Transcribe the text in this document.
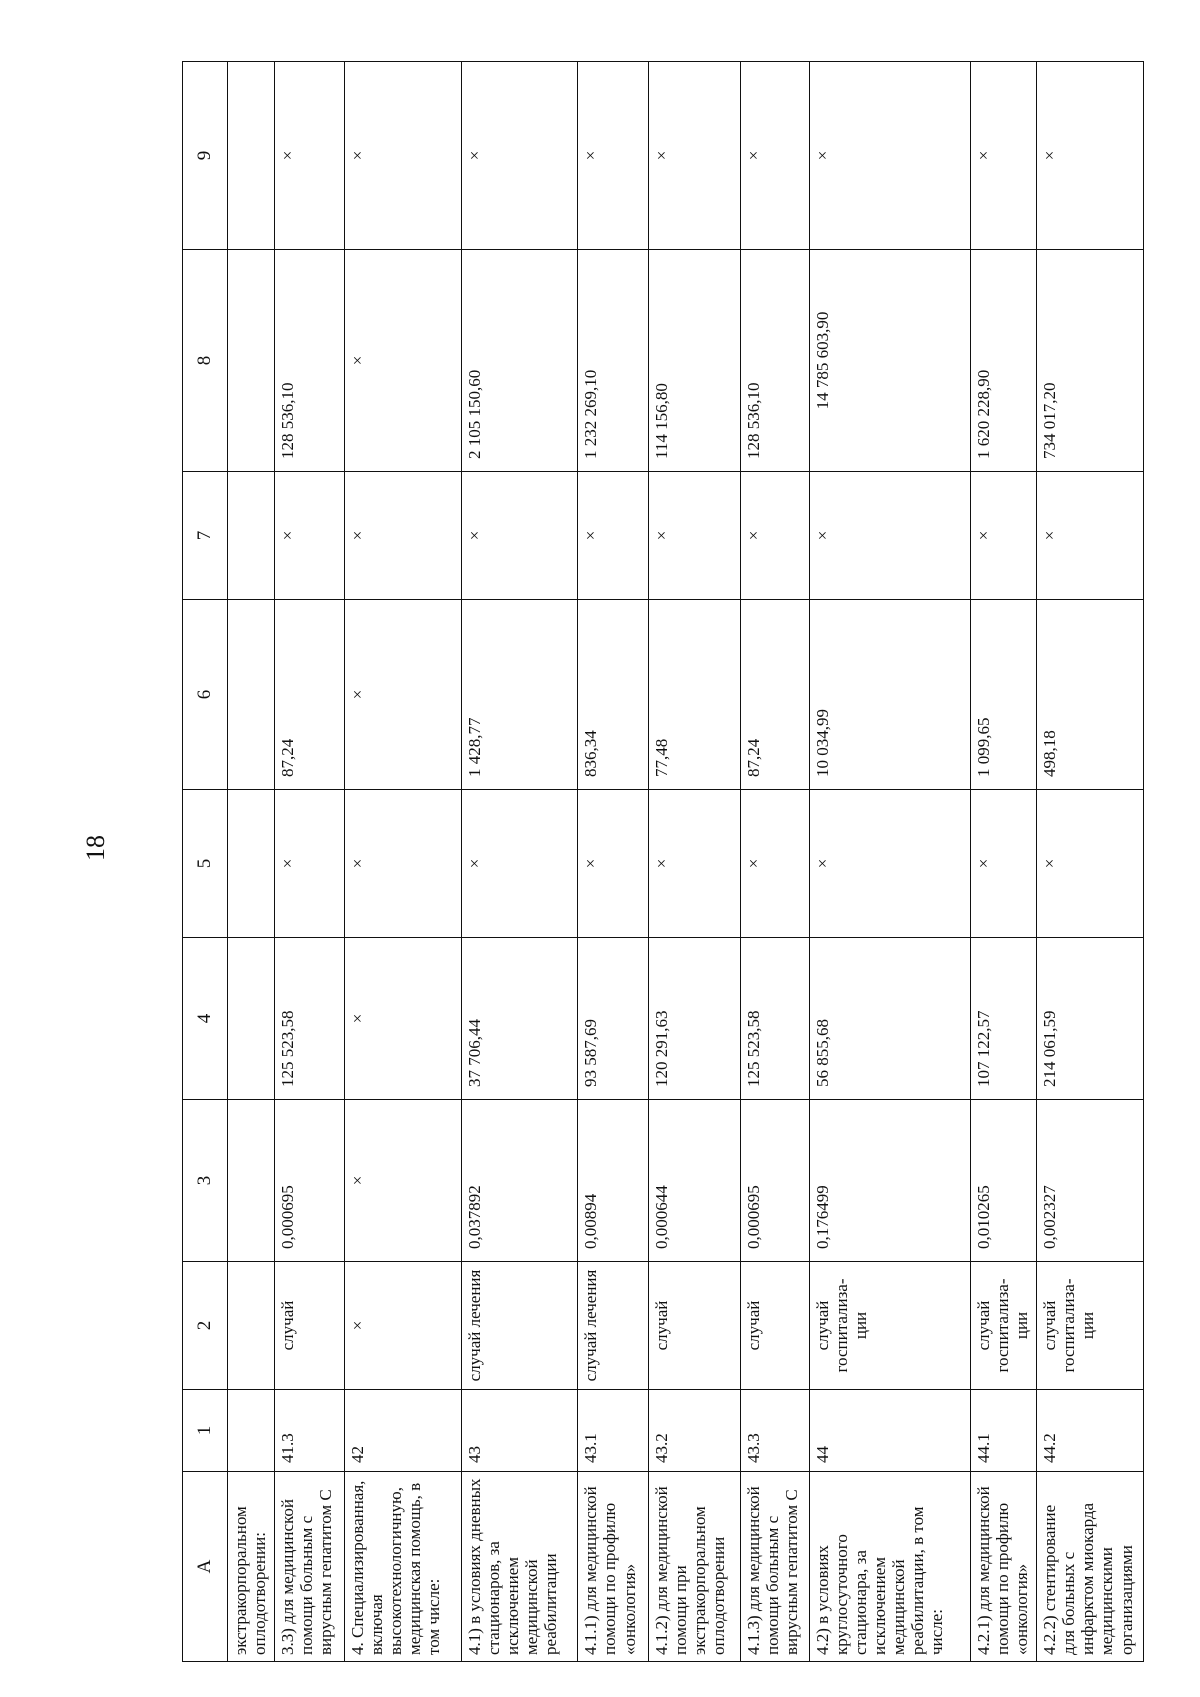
18
А	1	2	3	4	5	6	7	8	9
экстракорпоральном оплодотворении:									
3.3) для медицинской помощи больным с вирусным гепатитом С	41.3	случай	0,000695	125 523,58	×	87,24	×	128 536,10	×
4. Специализированная, включая высокотехнологичную, медицинская помощь, в том числе:	42	×	×	×	×	×	×	×	×
4.1) в условиях дневных стационаров, за исключением медицинской реабилитации	43	случай лечения	0,037892	37 706,44	×	1 428,77	×	2 105 150,60	×
4.1.1) для медицинской помощи по профилю «онкология»	43.1	случай лечения	0,00894	93 587,69	×	836,34	×	1 232 269,10	×
4.1.2) для медицинской помощи при экстракорпоральном оплодотворении	43.2	случай	0,000644	120 291,63	×	77,48	×	114 156,80	×
4.1.3) для медицинской помощи больным с вирусным гепатитом С	43.3	случай	0,000695	125 523,58	×	87,24	×	128 536,10	×
4.2) в условиях круглосуточного стационара, за исключением медицинской реабилитации, в том числе:	44	случай госпитализа-ции	0,176499	56 855,68	×	10 034,99	×	14 785 603,90	×
4.2.1) для медицинской помощи по профилю «онкология»	44.1	случай госпитализа-ции	0,010265	107 122,57	×	1 099,65	×	1 620 228,90	×
4.2.2) стентирование для больных с инфарктом миокарда медицинскими организациями	44.2	случай госпитализа-ции	0,002327	214 061,59	×	498,18	×	734 017,20	×
